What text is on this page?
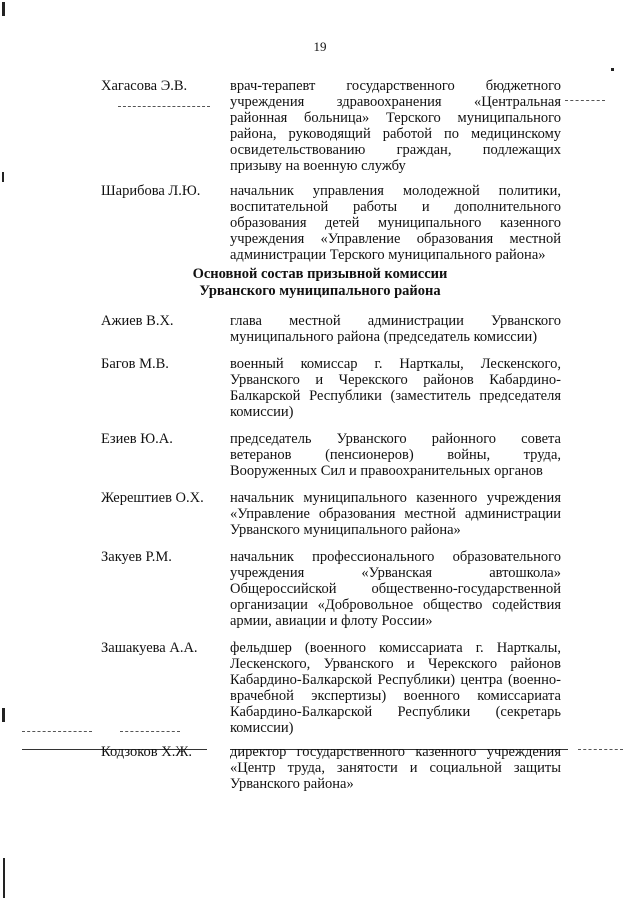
19
Хагасова Э.В.	врач-терапевт государственного бюджетного учреждения здравоохранения «Центральная районная больница» Терского муниципального района, руководящий работой по медицинскому освидетельствованию граждан, подлежащих призыву на военную службу
Шарибова Л.Ю. начальник управления молодежной политики, воспитательной работы и дополнительного образования детей муниципального казенного учреждения «Управление образования местной администрации Терского муниципального района»
Основной состав призывной комиссии
Урванского муниципального района
Ажиев В.Х.	глава местной администрации Урванского муниципального района (председатель комиссии)
Багов М.В.	военный комиссар г. Нарткалы, Лескенского, Урванского и Черекского районов Кабардино-Балкарской Республики (заместитель председателя комиссии)
Езиев Ю.А.	председатель Урванского районного совета ветеранов (пенсионеров) войны, труда, Вооруженных Сил и правоохранительных органов
Жерештиев О.Х. начальник муниципального казенного учреждения «Управление образования местной администрации Урванского муниципального района»
Закуев Р.М.	начальник профессионального образовательного учреждения «Урванская автошкола» Общероссийской общественно-государственной организации «Добровольное общество содействия армии, авиации и флоту России»
Зашакуева А.А. фельдшер (военного комиссариата г. Нарткалы, Лескенского, Урванского и Черекского районов Кабардино-Балкарской Республики) центра (военно-врачебной экспертизы) военного комиссариата Кабардино-Балкарской Республики (секретарь комиссии)
Кодзоков Х.Ж.	директор государственного казенного учреждения «Центр труда, занятости и социальной защиты Урванского района»
